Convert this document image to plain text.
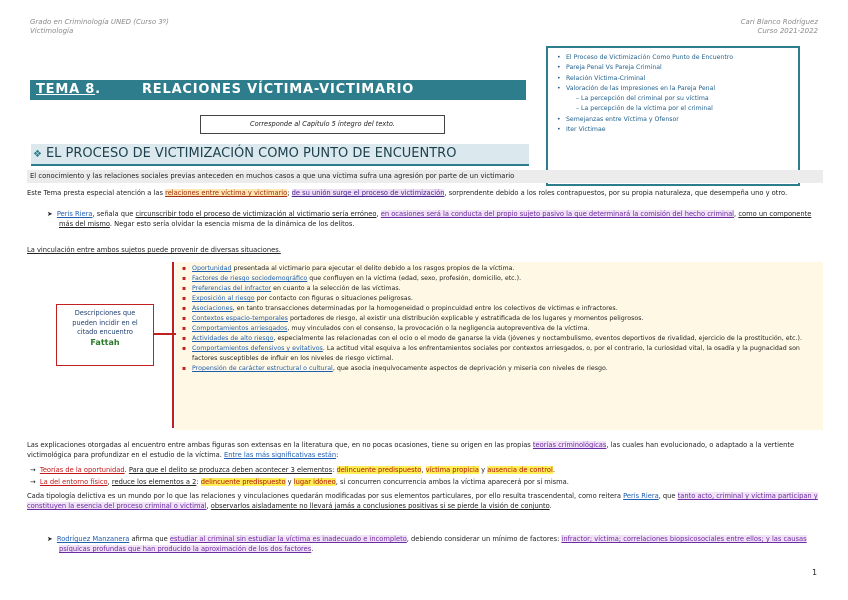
Grado en Criminología UNED (Curso 3º)
Victimología
Cari Blanco Rodríguez
Curso 2021-2022
• El Proceso de Victimización Como Punto de Encuentro
• Pareja Penal Vs Pareja Criminal
• Relación Víctima-Criminal
• Valoración de las Impresiones en la Pareja Penal
– La percepción del criminal por su víctima
– La percepción de la víctima por el criminal
• Semejanzas entre Víctima y Ofensor
• Iter Victimae
TEMA 8.	RELACIONES VÍCTIMA-VICTIMARIO
Corresponde al Capítulo 5 íntegro del texto.
❖ EL PROCESO DE VICTIMIZACIÓN COMO PUNTO DE ENCUENTRO
El conocimiento y las relaciones sociales previas anteceden en muchos casos a que una víctima sufra una agresión por parte de un victimario
Este Tema presta especial atención a las relaciones entre víctima y victimario; de su unión surge el proceso de victimización, sorprendente debido a los roles contrapuestos, por su propia naturaleza, que desempeña uno y otro.
➤ Peris Riera, señala que circunscribir todo el proceso de victimización al victimario sería erróneo, en ocasiones será la conducta del propio sujeto pasivo la que determinará la comisión del hecho criminal, como un componente más del mismo. Negar esto sería olvidar la esencia misma de la dinámica de los delitos.
La vinculación entre ambos sujetos puede provenir de diversas situaciones.
Descripciones que
pueden incidir en el
citado encuentro
Fattah
▪ Oportunidad presentada al victimario para ejecutar el delito debido a los rasgos propios de la víctima.
▪ Factores de riesgo sociodemográfico que confluyen en la víctima (edad, sexo, profesión, domicilio, etc.).
▪ Preferencias del infractor en cuanto a la selección de las víctimas.
▪ Exposición al riesgo por contacto con figuras o situaciones peligrosas.
▪ Asociaciones, en tanto transacciones determinadas por la homogeneidad o propincuidad entre los colectivos de víctimas e infractores.
▪ Contextos espacio-temporales portadores de riesgo, al existir una distribución explicable y estratificada de los lugares y momentos peligrosos.
▪ Comportamientos arriesgados, muy vinculados con el consenso, la provocación o la negligencia autopreventiva de la víctima.
▪ Actividades de alto riesgo, especialmente las relacionadas con el ocio o el modo de ganarse la vida (jóvenes y noctambulismo, eventos deportivos de rivalidad, ejercicio de la prostitución, etc.).
▪ Comportamientos defensivos y evitativos. La actitud vital esquiva a los enfrentamientos sociales por contextos arriesgados, o, por el contrario, la curiosidad vital, la osadía y la pugnacidad son factores susceptibles de influir en los niveles de riesgo victimal.
▪ Propensión de carácter estructural o cultural, que asocia inequívocamente aspectos de deprivación y miseria con niveles de riesgo.
Las explicaciones otorgadas al encuentro entre ambas figuras son extensas en la literatura que, en no pocas ocasiones, tiene su origen en las propias teorías criminológicas, las cuales han evolucionado, o adaptado a la vertiente victimológica para profundizar en el estudio de la víctima. Entre las más significativas están:
→ Teorías de la oportunidad. Para que el delito se produzca deben acontecer 3 elementos: delincuente predispuesto, víctima propicia y ausencia de control.
→ La del entorno físico, reduce los elementos a 2: delincuente predispuesto y lugar idóneo, si concurren concurrencia ambos la víctima aparecerá por sí misma.
Cada tipología delictiva es un mundo por lo que las relaciones y vinculaciones quedarán modificadas por sus elementos particulares, por ello resulta trascendental, como reitera Peris Riera, que tanto acto, criminal y víctima participan y constituyen la esencia del proceso criminal o victimal, observarlos aisladamente no llevará jamás a conclusiones positivas si se pierde la visión de conjunto.
➤ Rodríguez Manzanera afirma que estudiar al criminal sin estudiar la víctima es inadecuado e incompleto, debiendo considerar un mínimo de factores: infractor; víctima; correlaciones biopsicosociales entre ellos; y las causas psíquicas profundas que han producido la aproximación de los dos factores.
1
